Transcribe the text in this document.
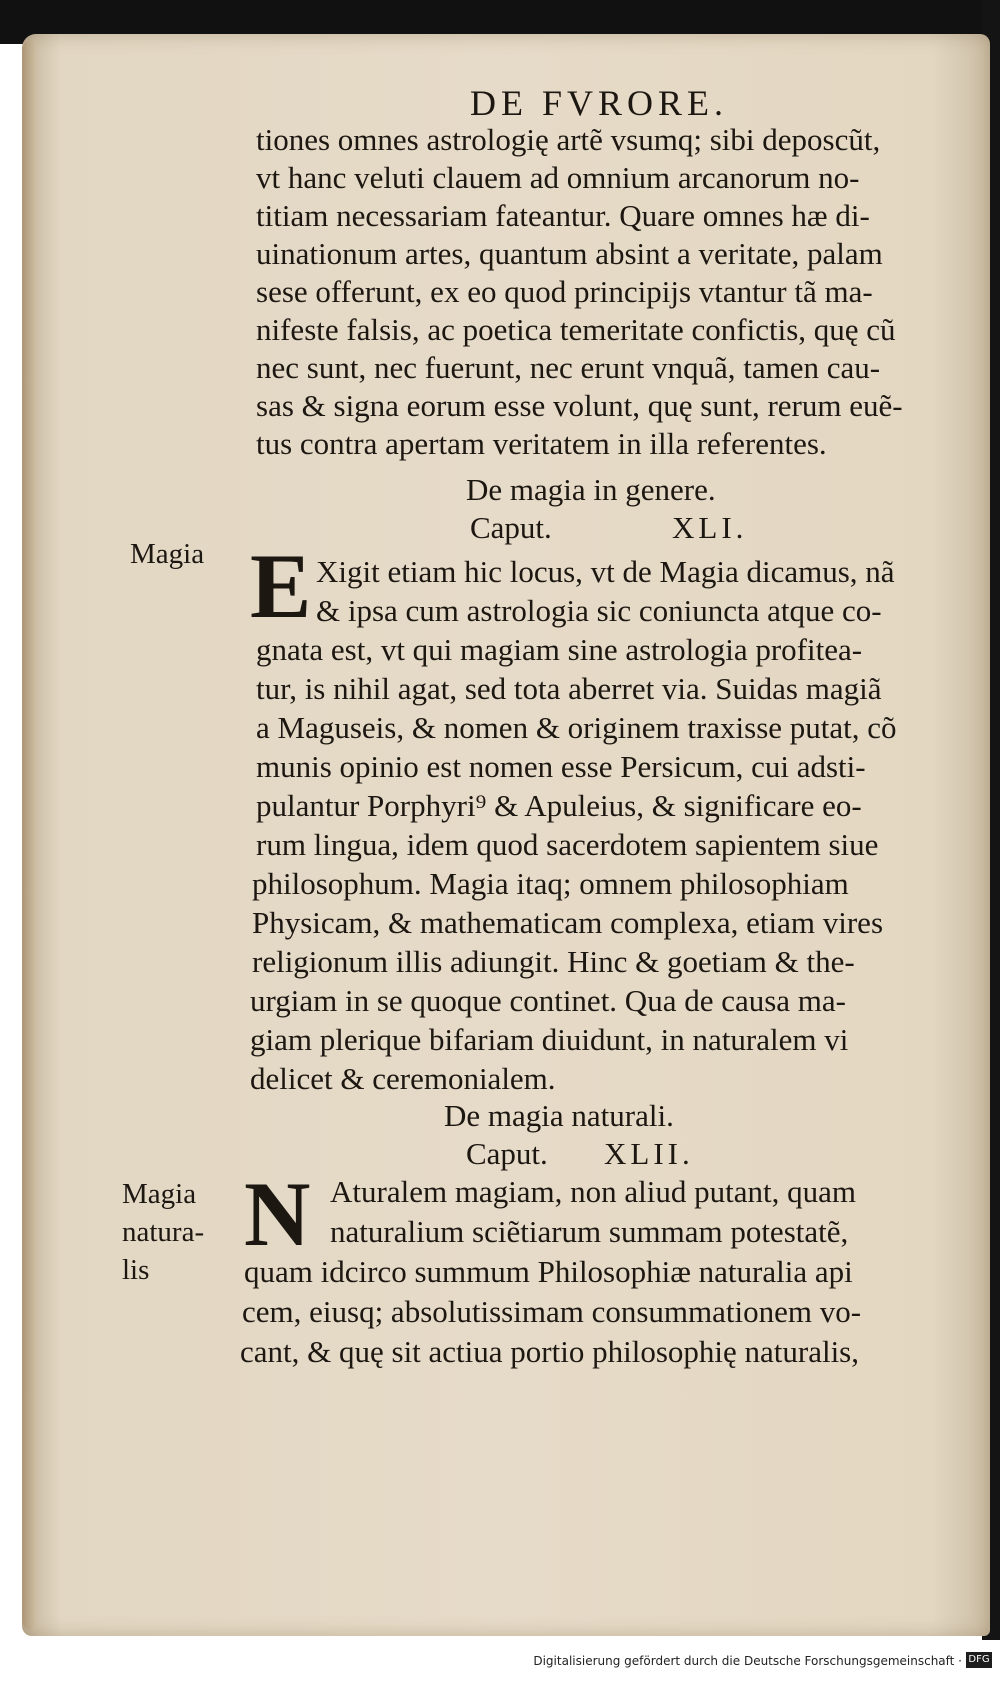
DE FVRORE.
tiones omnes astrologię artẽ vsumq; sibi deposcũt,
vt hanc veluti clauem ad omnium arcanorum no-
titiam necessariam fateantur. Quare omnes hæ di-
uinationum artes, quantum absint a veritate, palam
sese offerunt, ex eo quod principijs vtantur tã ma-
nifeste falsis, ac poetica temeritate confictis, quę cũ
nec sunt, nec fuerunt, nec erunt vnquã, tamen cau-
sas & signa eorum esse volunt, quę sunt, rerum euẽ-
tus contra apertam veritatem in illa referentes.
De magia in genere.
Caput.	XLI.
Magia E Xigit etiam hic locus, vt de Magia dicamus, nã
& ipsa cum astrologia sic coniuncta atque co-
gnata est, vt qui magiam sine astrologia profitea-
tur, is nihil agat, sed tota aberret via. Suidas magiã
a Maguseis, & nomen & originem traxisse putat, cõ
munis opinio est nomen esse Persicum, cui adsti-
pulantur Porphyri⁹ & Apuleius, & significare eo-
rum lingua, idem quod sacerdotem sapientem siue
philosophum. Magia itaq; omnem philosophiam
Physicam, & mathematicam complexa, etiam vires
religionum illis adiungit. Hinc & goetiam & the-
urgiam in se quoque continet. Qua de causa ma-
giam plerique bifariam diuidunt, in naturalem vi
delicet & ceremonialem.
De magia naturali.
Caput. XLII.
Magia
natura-
lis
N Aturalem magiam, non aliud putant, quam
naturalium sciẽtiarum summam potestatẽ,
quam idcirco summum Philosophiæ naturalia api
cem, eiusq; absolutissimam consummationem vo-
cant, & quę sit actiua portio philosophię naturalis,
Digitalisierung gefördert durch die Deutsche Forschungsgemeinschaft · DFG
